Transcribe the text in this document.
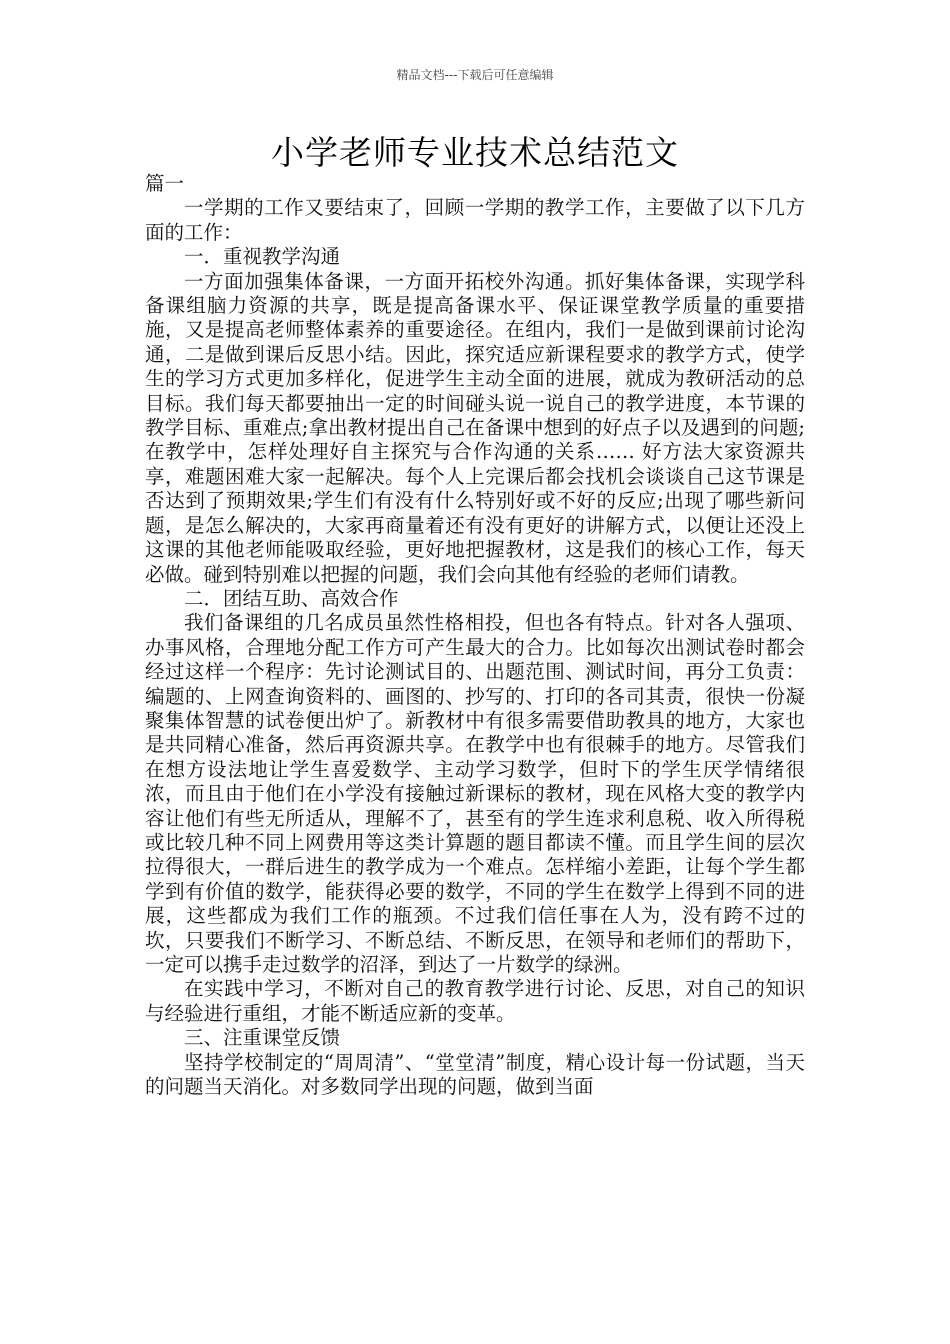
精品文档---下载后可任意编辑
小学老师专业技术总结范文

篇一

一学期的工作又要结束了，回顾一学期的教学工作，主要做了以下几方面的工作：

一．重视教学沟通

一方面加强集体备课，一方面开拓校外沟通。抓好集体备课，实现学科备课组脑力资源的共享，既是提高备课水平、保证课堂教学质量的重要措施，又是提高老师整体素养的重要途径。在组内，我们一是做到课前讨论沟通，二是做到课后反思小结。因此，探究适应新课程要求的教学方式，使学生的学习方式更加多样化，促进学生主动全面的进展，就成为教研活动的总目标。我们每天都要抽出一定的时间碰头说一说自己的教学进度，本节课的教学目标、重难点;拿出教材提出自己在备课中想到的好点子以及遇到的问题;在教学中，怎样处理好自主探究与合作沟通的关系…… 好方法大家资源共享，难题困难大家一起解决。每个人上完课后都会找机会谈谈自己这节课是否达到了预期效果;学生们有没有什么特别好或不好的反应;出现了哪些新问题，是怎么解决的，大家再商量着还有没有更好的讲解方式，以便让还没上这课的其他老师能吸取经验，更好地把握教材，这是我们的核心工作，每天必做。碰到特别难以把握的问题，我们会向其他有经验的老师们请教。

二．团结互助、高效合作

我们备课组的几名成员虽然性格相投，但也各有特点。针对各人强项、办事风格，合理地分配工作方可产生最大的合力。比如每次出测试卷时都会经过这样一个程序：先讨论测试目的、出题范围、测试时间，再分工负责：编题的、上网查询资料的、画图的、抄写的、打印的各司其责，很快一份凝聚集体智慧的试卷便出炉了。新教材中有很多需要借助教具的地方，大家也是共同精心准备，然后再资源共享。在教学中也有很棘手的地方。尽管我们在想方设法地让学生喜爱数学、主动学习数学，但时下的学生厌学情绪很浓，而且由于他们在小学没有接触过新课标的教材，现在风格大变的教学内容让他们有些无所适从，理解不了，甚至有的学生连求利息税、收入所得税或比较几种不同上网费用等这类计算题的题目都读不懂。而且学生间的层次拉得很大，一群后进生的教学成为一个难点。怎样缩小差距，让每个学生都学到有价值的数学，能获得必要的数学，不同的学生在数学上得到不同的进展，这些都成为我们工作的瓶颈。不过我们信任事在人为，没有跨不过的坎，只要我们不断学习、不断总结、不断反思，在领导和老师们的帮助下，一定可以携手走过数学的沼泽，到达了一片数学的绿洲。

在实践中学习，不断对自己的教育教学进行讨论、反思，对自己的知识与经验进行重组，才能不断适应新的变革。

三、注重课堂反馈

坚持学校制定的“周周清”、“堂堂清”制度，精心设计每一份试题，当天的问题当天消化。对多数同学出现的问题，做到当面
